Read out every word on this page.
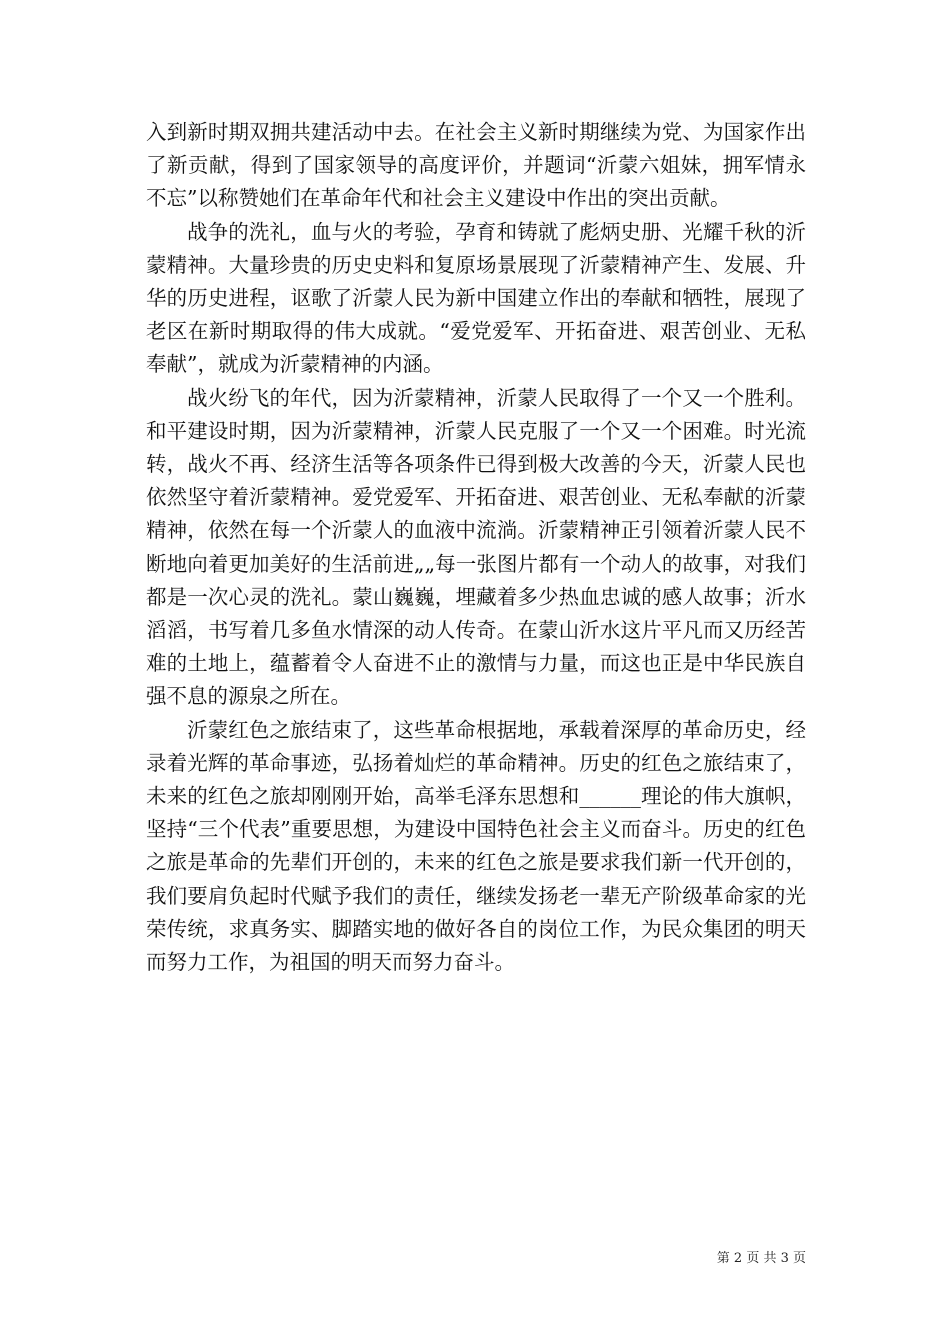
入到新时期双拥共建活动中去。在社会主义新时期继续为党、为国家作出了新贡献，得到了国家领导的高度评价，并题词“沂蒙六姐妹，拥军情永不忘”以称赞她们在革命年代和社会主义建设中作出的突出贡献。

战争的洗礼，血与火的考验，孕育和铸就了彪炳史册、光耀千秋的沂蒙精神。大量珍贵的历史史料和复原场景展现了沂蒙精神产生、发展、升华的历史进程，讴歌了沂蒙人民为新中国建立作出的奉献和牺牲，展现了老区在新时期取得的伟大成就。“爱党爱军、开拓奋进、艰苦创业、无私奉献”，就成为沂蒙精神的内涵。

战火纷飞的年代，因为沂蒙精神，沂蒙人民取得了一个又一个胜利。和平建设时期，因为沂蒙精神，沂蒙人民克服了一个又一个困难。时光流转，战火不再、经济生活等各项条件已得到极大改善的今天，沂蒙人民也依然坚守着沂蒙精神。爱党爱军、开拓奋进、艰苦创业、无私奉献的沂蒙精神，依然在每一个沂蒙人的血液中流淌。沂蒙精神正引领着沂蒙人民不断地向着更加美好的生活前进„„每一张图片都有一个动人的故事，对我们都是一次心灵的洗礼。蒙山巍巍，埋藏着多少热血忠诚的感人故事；沂水滔滔，书写着几多鱼水情深的动人传奇。在蒙山沂水这片平凡而又历经苦难的土地上，蕴蓄着令人奋进不止的激情与力量，而这也正是中华民族自强不息的源泉之所在。

沂蒙红色之旅结束了，这些革命根据地，承载着深厚的革命历史，经录着光辉的革命事迹，弘扬着灿烂的革命精神。历史的红色之旅结束了，未来的红色之旅却刚刚开始，高举毛泽东思想和______理论的伟大旗帜，坚持“三个代表”重要思想，为建设中国特色社会主义而奋斗。历史的红色之旅是革命的先辈们开创的，未来的红色之旅是要求我们新一代开创的，我们要肩负起时代赋予我们的责任，继续发扬老一辈无产阶级革命家的光荣传统，求真务实、脚踏实地的做好各自的岗位工作，为民众集团的明天而努力工作，为祖国的明天而努力奋斗。

第 2 页 共 3 页
